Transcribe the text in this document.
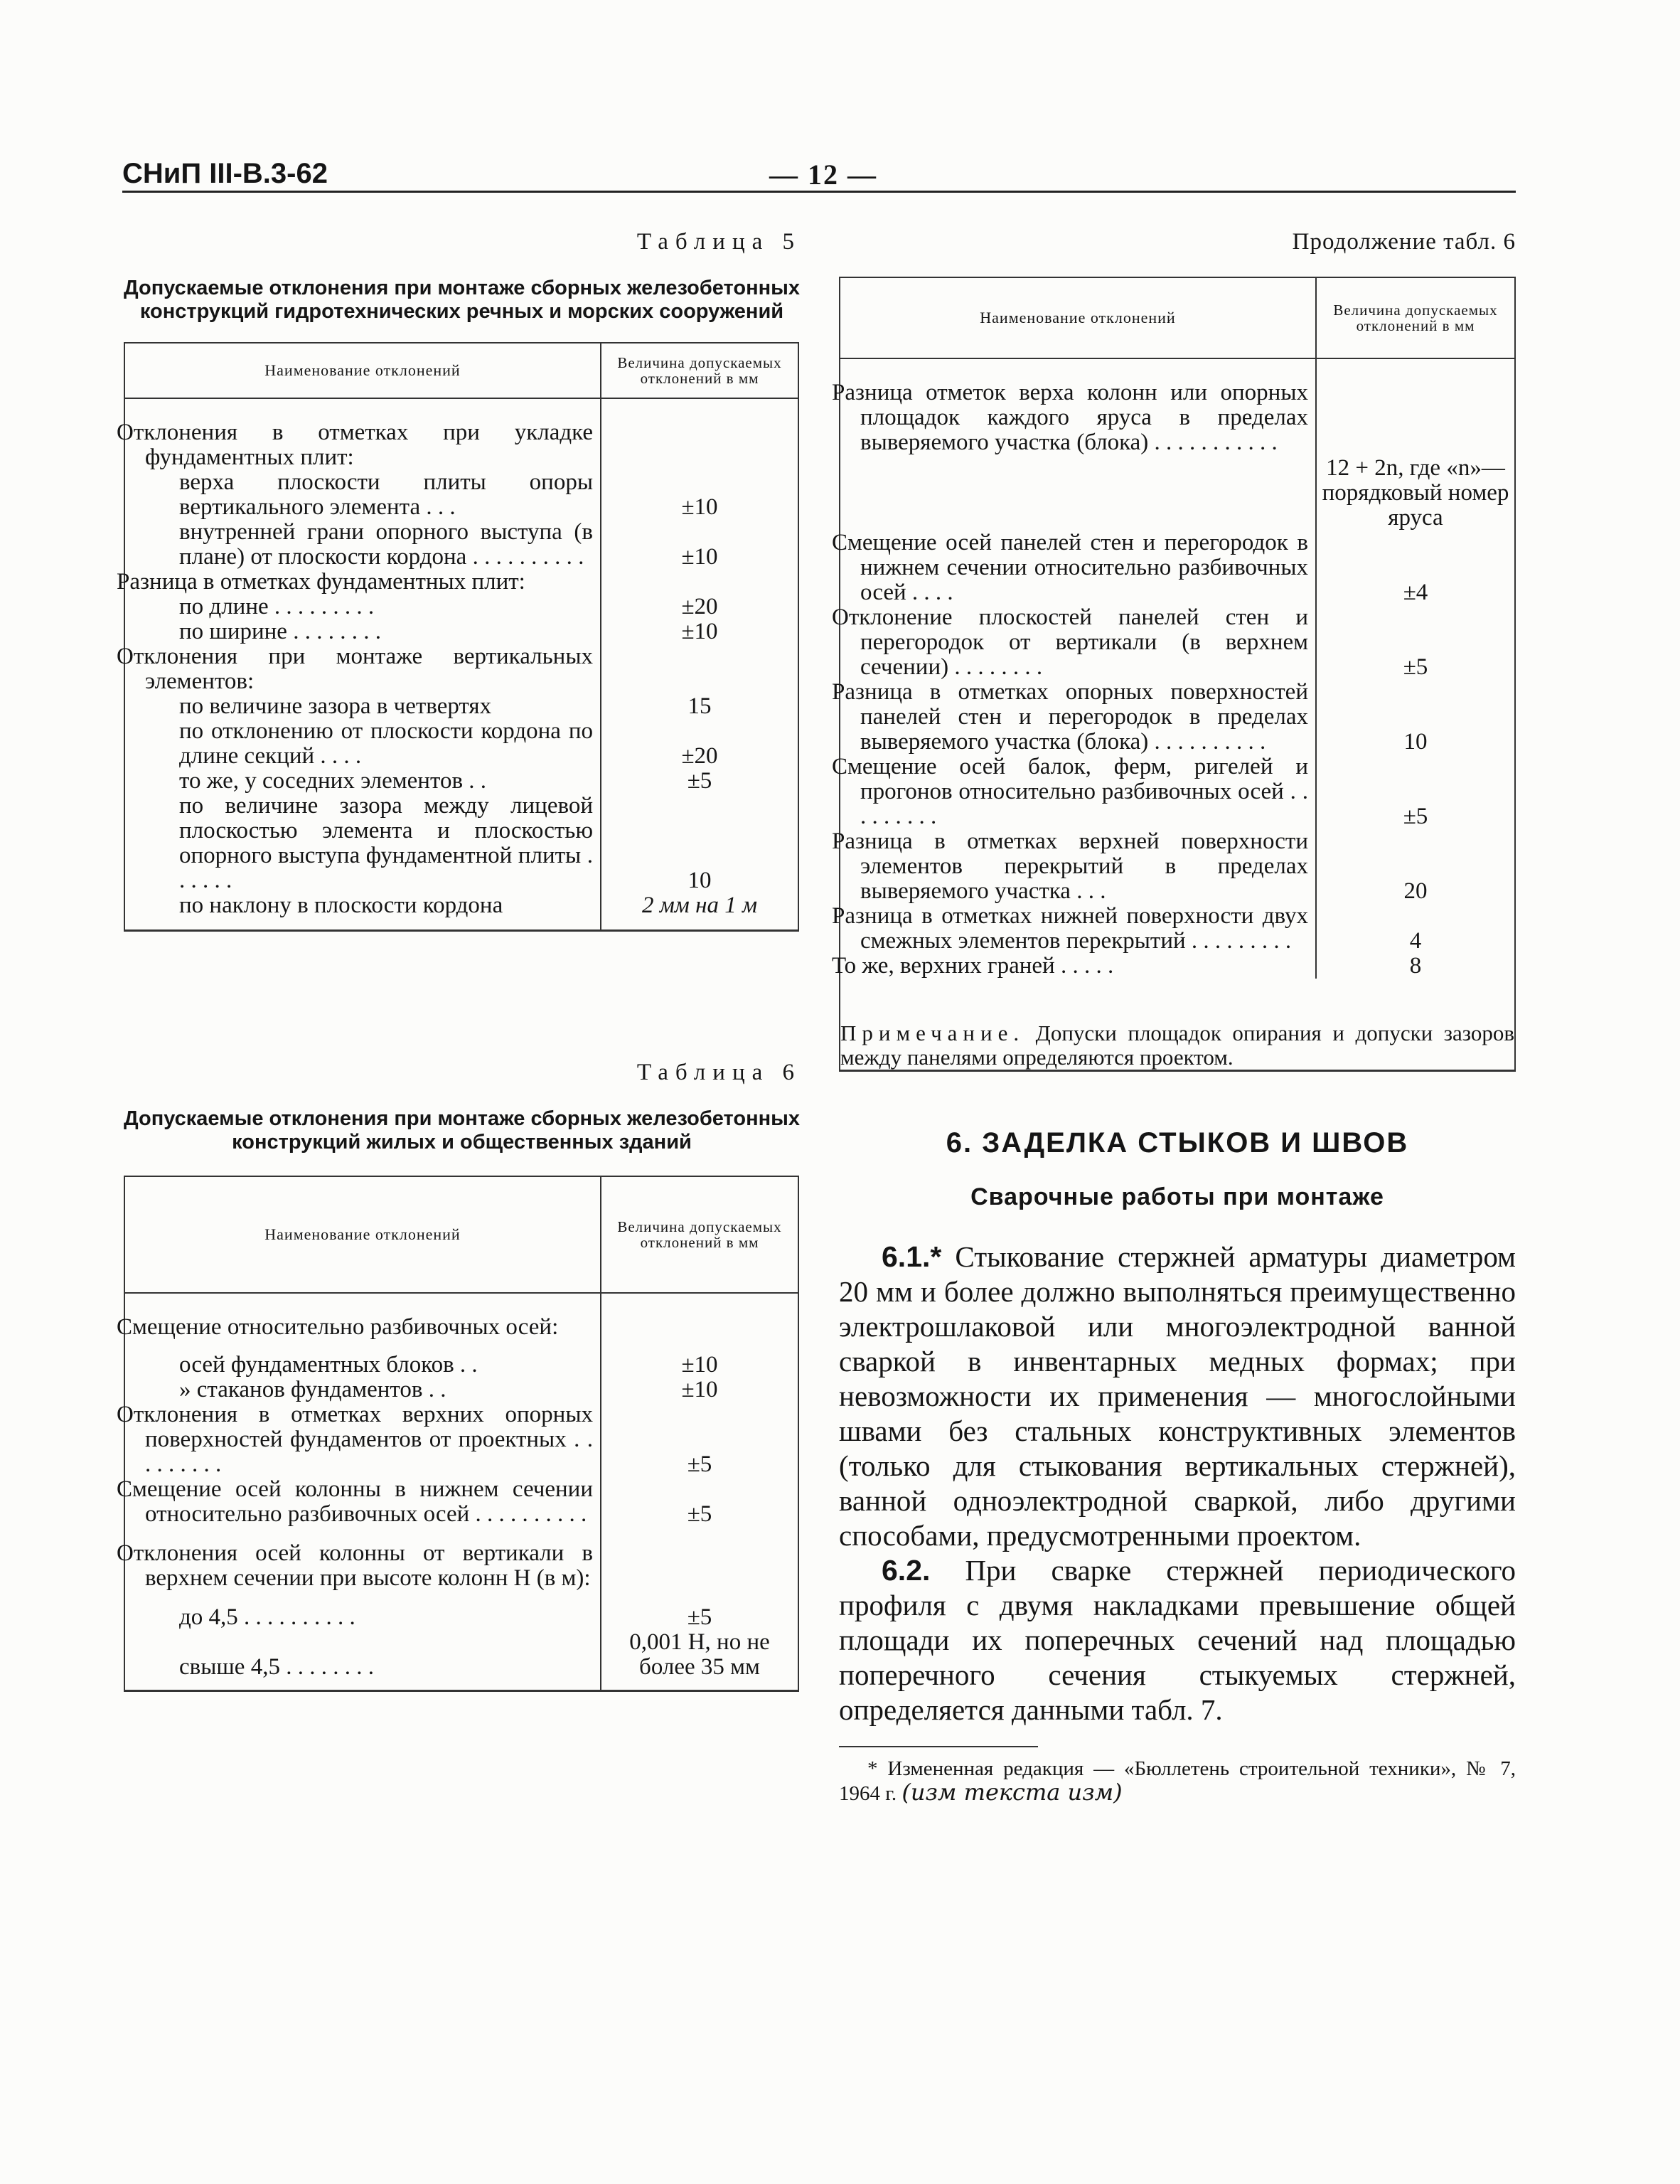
СНиП III-В.3-62	— 12 —
Таблица 5
Допускаемые отклонения при монтаже сборных железобетонных конструкций гидротехнических речных и морских сооружений
Наименование отклонений	Величина допускаемых отклонений в мм

Отклонения в отметках при укладке фундаментных плит:	
верха плоскости плиты опоры вертикального элемента . . .	±10
внутренней грани опорного выступа (в плане) от плоскости кордона . . . . . . . . . .	±10
Разница в отметках фундаментных плит:	
по длине . . . . . . . . .	±20
по ширине . . . . . . . .	±10
Отклонения при монтаже вертикальных элементов:	
по величине зазора в четвертях	15
по отклонению от плоскости кордона по длине секций . . . .	±20
то же, у соседних элементов . .	±5
по величине зазора между лицевой плоскостью элемента и плоскостью опорного выступа фундаментной плиты . . . . . .	10
по наклону в плоскости кордона	2 мм на 1 м

Таблица 6
Допускаемые отклонения при монтаже сборных железобетонных конструкций жилых и общественных зданий
Наименование отклонений	Величина допускаемых отклонений в мм

Смещение относительно разбивочных осей:	
осей фундаментных блоков . .	±10
» стаканов фундаментов . .	±10
Отклонения в отметках верхних опорных поверхностей фундаментов от проектных . . . . . . . . .	±5
Смещение осей колонны в нижнем сечении относительно разбивочных осей . . . . . . . . . .	±5
Отклонения осей колонны от вертикали в верхнем сечении при высоте колонн H (в м):	
до 4,5 . . . . . . . . . .	±5
свыше 4,5 . . . . . . . .	0,001 H, но не более 35 мм

Продолжение табл. 6
Наименование отклонений	Величина допускаемых отклонений в мм

Разница отметок верха колонн или опорных площадок каждого яруса в пределах выверяемого участка (блока) . . . . . . . . . . .	12 + 2n, где «n»—порядковый номер яруса
Смещение осей панелей стен и перегородок в нижнем сечении относительно разбивочных осей . . . .	±4
Отклонение плоскостей панелей стен и перегородок от вертикали (в верхнем сечении) . . . . . . . .	±5
Разница в отметках опорных поверхностей панелей стен и перегородок в пределах выверяемого участка (блока) . . . . . . . . . .	10
Смещение осей балок, ферм, ригелей и прогонов относительно разбивочных осей . . . . . . . . .	±5
Разница в отметках верхней поверхности элементов перекрытий в пределах выверяемого участка . . .	20
Разница в отметках нижней поверхности двух смежных элементов перекрытий . . . . . . . . .	4
То же, верхних граней . . . . .	8

Примечание. Допуски площадок опирания и допуски зазоров между панелями определяются проектом.	
6. ЗАДЕЛКА СТЫКОВ И ШВОВ
Сварочные работы при монтаже

6.1.* Стыкование стержней арматуры диаметром 20 мм и более должно выполняться преимущественно электрошлаковой или многоэлектродной ванной сваркой в инвентарных медных формах; при невозможности их применения — многослойными швами без стальных конструктивных элементов (только для стыкования вертикальных стержней), ванной одноэлектродной сваркой, либо другими способами, предусмотренными проектом.

6.2. При сварке стержней периодического профиля с двумя накладками превышение общей площади их поперечных сечений над площадью поперечного сечения стыкуемых стержней, определяется данными табл. 7.

* Измененная редакция — «Бюллетень строительной техники», № 7, 1964 г. (изм текста изм)
